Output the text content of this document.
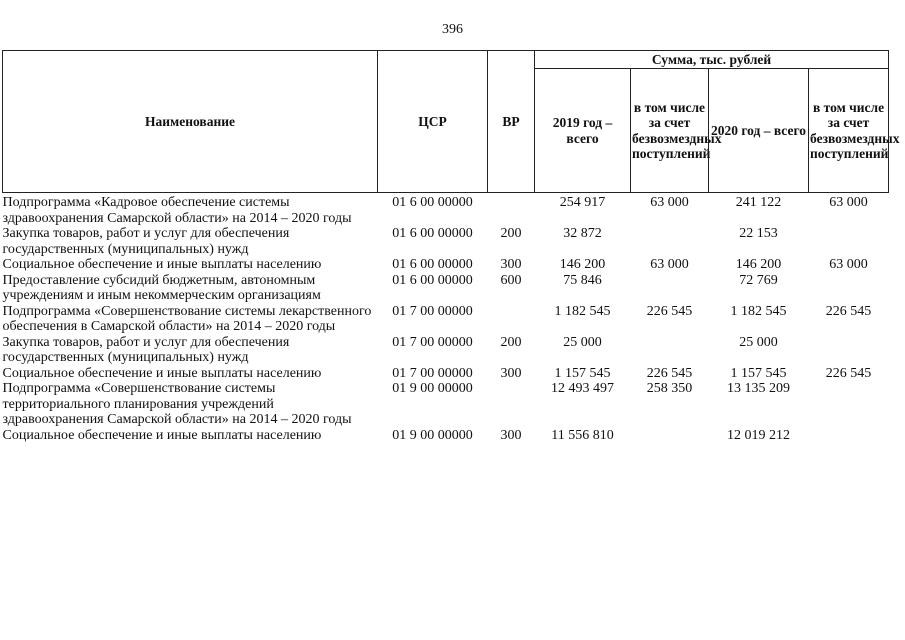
396
Наименование	ЦСР	ВР	Сумма, тыс. рублей			
			2019 год – всего	в том числе за счет безвозмездных поступлений	2020 год – всего	в том числе за счет безвозмездных поступлений
Подпрограмма «Кадровое обеспечение системы здравоохранения Самарской области» на 2014 – 2020 годы	01 6 00 00000		254 917	63 000	241 122	63 000
Закупка товаров, работ и услуг для обеспечения государственных (муниципальных) нужд	01 6 00 00000	200	32 872		22 153	
Социальное обеспечение и иные выплаты населению	01 6 00 00000	300	146 200	63 000	146 200	63 000
Предоставление субсидий бюджетным, автономным учреждениям и иным некоммерческим организациям	01 6 00 00000	600	75 846		72 769	
Подпрограмма «Совершенствование системы лекарственного обеспечения в Самарской области» на 2014 – 2020 годы	01 7 00 00000		1 182 545	226 545	1 182 545	226 545
Закупка товаров, работ и услуг для обеспечения государственных (муниципальных) нужд	01 7 00 00000	200	25 000		25 000	
Социальное обеспечение и иные выплаты населению	01 7 00 00000	300	1 157 545	226 545	1 157 545	226 545
Подпрограмма «Совершенствование системы территориального планирования учреждений здравоохранения Самарской области» на 2014 – 2020 годы	01 9 00 00000		12 493 497	258 350	13 135 209	
Социальное обеспечение и иные выплаты населению	01 9 00 00000	300	11 556 810		12 019 212	
